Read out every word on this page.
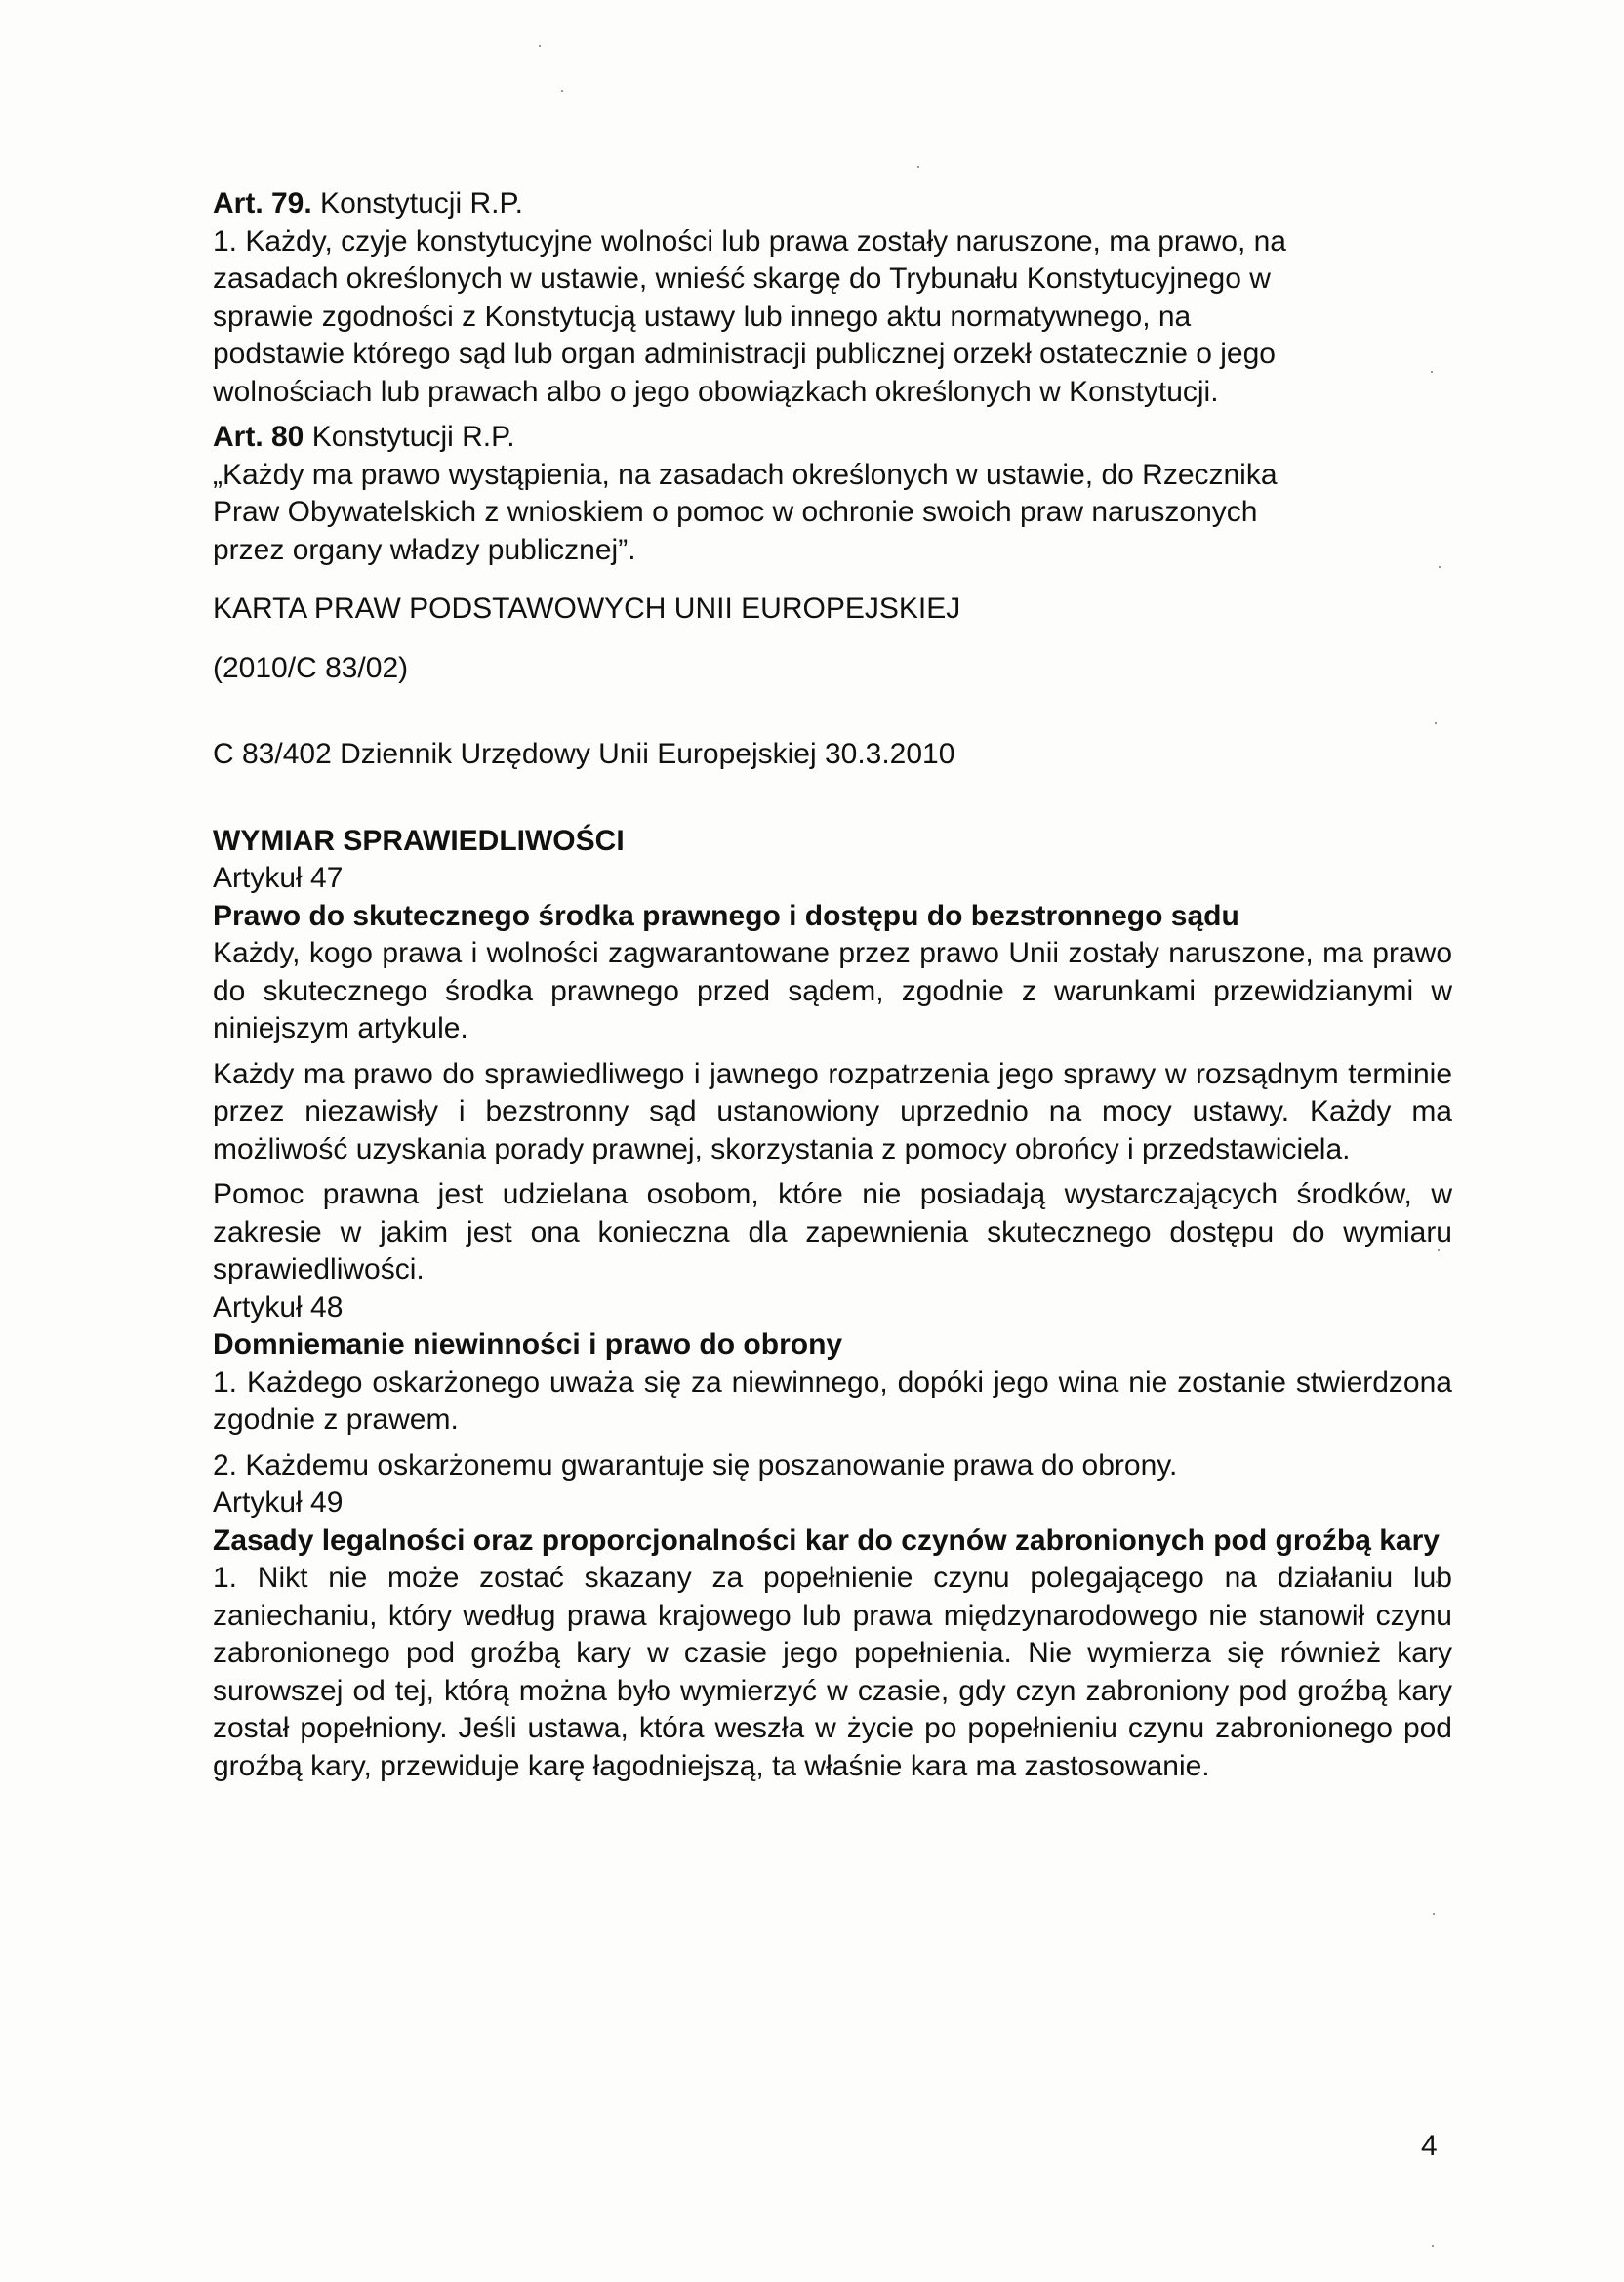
Art. 79. Konstytucji R.P.

1. Każdy, czyje konstytucyjne wolności lub prawa zostały naruszone, ma prawo, na

zasadach określonych w ustawie, wnieść skargę do Trybunału Konstytucyjnego w

sprawie zgodności z Konstytucją ustawy lub innego aktu normatywnego, na

podstawie którego sąd lub organ administracji publicznej orzekł ostatecznie o jego

wolnościach lub prawach albo o jego obowiązkach określonych w Konstytucji.

Art. 80 Konstytucji R.P.

„Każdy ma prawo wystąpienia, na zasadach określonych w ustawie, do Rzecznika

Praw Obywatelskich z wnioskiem o pomoc w ochronie swoich praw naruszonych

przez organy władzy publicznej”.

KARTA PRAW PODSTAWOWYCH UNII EUROPEJSKIEJ

(2010/C 83/02)

C 83/402 Dziennik Urzędowy Unii Europejskiej 30.3.2010

WYMIAR SPRAWIEDLIWOŚCI

Artykuł 47

Prawo do skutecznego środka prawnego i dostępu do bezstronnego sądu

Każdy, kogo prawa i wolności zagwarantowane przez prawo Unii zostały naruszone, ma prawo do skutecznego środka prawnego przed sądem, zgodnie z warunkami przewidzianymi w niniejszym artykule.

Każdy ma prawo do sprawiedliwego i jawnego rozpatrzenia jego sprawy w rozsądnym terminie przez niezawisły i bezstronny sąd ustanowiony uprzednio na mocy ustawy. Każdy ma możliwość uzyskania porady prawnej, skorzystania z pomocy obrońcy i przedstawiciela.

Pomoc prawna jest udzielana osobom, które nie posiadają wystarczających środków, w zakresie w jakim jest ona konieczna dla zapewnienia skutecznego dostępu do wymiaru sprawiedliwości.

Artykuł 48

Domniemanie niewinności i prawo do obrony

1. Każdego oskarżonego uważa się za niewinnego, dopóki jego wina nie zostanie stwierdzona zgodnie z prawem.

2. Każdemu oskarżonemu gwarantuje się poszanowanie prawa do obrony.

Artykuł 49

Zasady legalności oraz proporcjonalności kar do czynów zabronionych pod groźbą kary

1. Nikt nie może zostać skazany za popełnienie czynu polegającego na działaniu lub zaniechaniu, który według prawa krajowego lub prawa międzynarodowego nie stanowił czynu zabronionego pod groźbą kary w czasie jego popełnienia. Nie wymierza się również kary surowszej od tej, którą można było wymierzyć w czasie, gdy czyn zabroniony pod groźbą kary został popełniony. Jeśli ustawa, która weszła w życie po popełnieniu czynu zabronionego pod groźbą kary, przewiduje karę łagodniejszą, ta właśnie kara ma zastosowanie.

4
